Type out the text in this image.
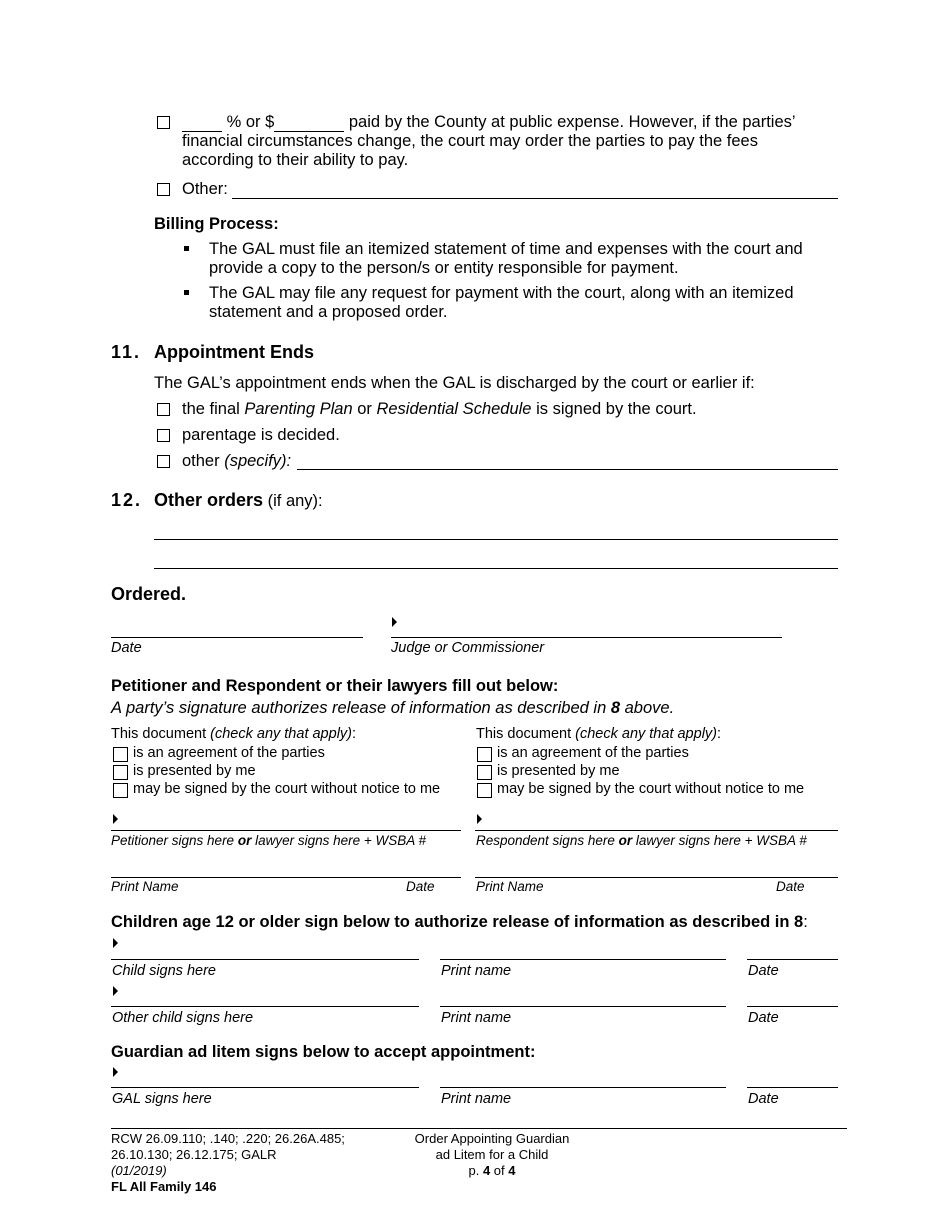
% or $	paid by the County at public expense. However, if the parties’
financial circumstances change, the court may order the parties to pay the fees
according to their ability to pay.
Other:
Billing Process:
The GAL must file an itemized statement of time and expenses with the court and
provide a copy to the person/s or entity responsible for payment.
The GAL may file any request for payment with the court, along with an itemized
statement and a proposed order.
11. Appointment Ends
The GAL’s appointment ends when the GAL is discharged by the court or earlier if:
the final Parenting Plan or Residential Schedule is signed by the court.
parentage is decided.
other (specify):
12. Other orders (if any):
Ordered.
Date	Judge or Commissioner
Petitioner and Respondent or their lawyers fill out below:
A party’s signature authorizes release of information as described in 8 above.
This document (check any that apply):
is an agreement of the parties
is presented by me
may be signed by the court without notice to me
This document (check any that apply):
is an agreement of the parties
is presented by me
may be signed by the court without notice to me
Petitioner signs here or lawyer signs here + WSBA #	Respondent signs here or lawyer signs here + WSBA #
Print Name	Date	Print Name	Date
Children age 12 or older sign below to authorize release of information as described in 8:
Child signs here	Print name	Date
Other child signs here	Print name	Date
Guardian ad litem signs below to accept appointment:
GAL signs here	Print name	Date
RCW 26.09.110; .140; .220; 26.26A.485;
26.10.130; 26.12.175; GALR
(01/2019)
FL All Family 146
Order Appointing Guardian
ad Litem for a Child
p. 4 of 4
